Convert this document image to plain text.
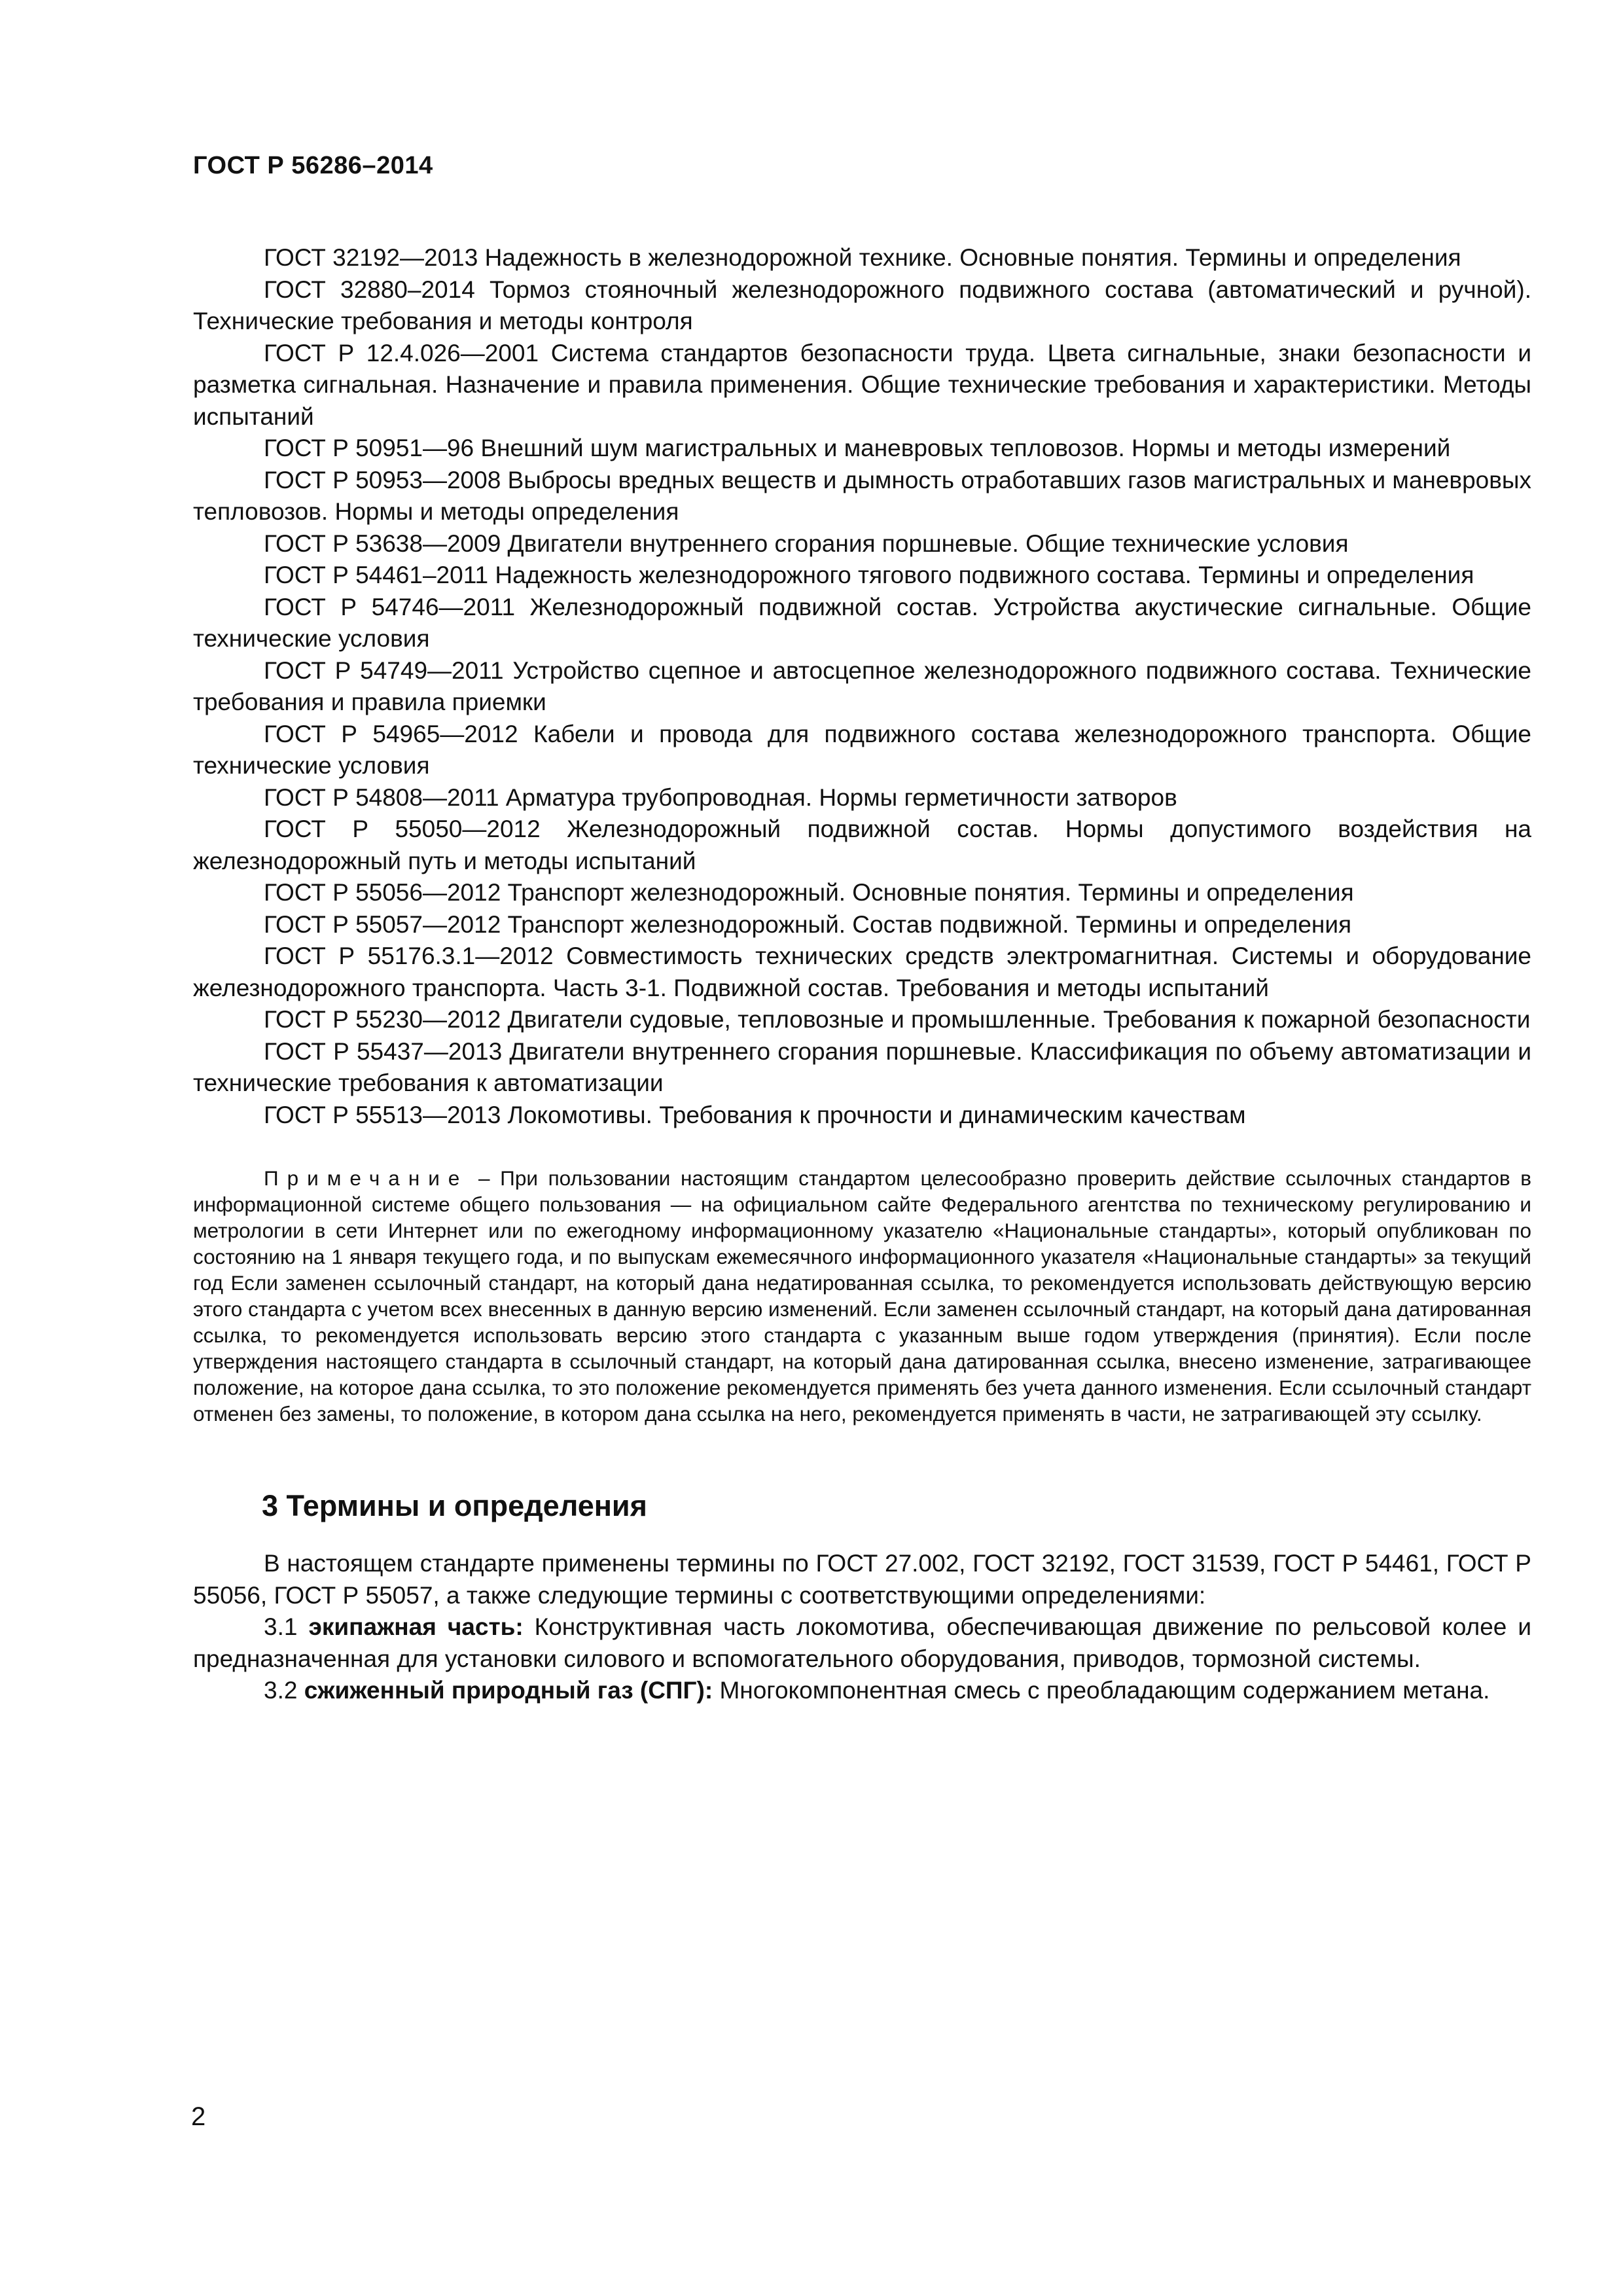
ГОСТ Р 56286–2014

ГОСТ 32192—2013 Надежность в железнодорожной технике. Основные понятия. Термины и определения

ГОСТ 32880–2014 Тормоз стояночный железнодорожного подвижного состава (автоматический и ручной). Технические требования и методы контроля

ГОСТ Р 12.4.026—2001 Система стандартов безопасности труда. Цвета сигнальные, знаки безопасности и разметка сигнальная. Назначение и правила применения. Общие технические требования и характеристики. Методы испытаний

ГОСТ Р 50951—96 Внешний шум магистральных и маневровых тепловозов. Нормы и методы измерений

ГОСТ Р 50953—2008 Выбросы вредных веществ и дымность отработавших газов магистральных и маневровых тепловозов. Нормы и методы определения

ГОСТ Р 53638—2009 Двигатели внутреннего сгорания поршневые. Общие технические условия

ГОСТ Р 54461–2011 Надежность железнодорожного тягового подвижного состава. Термины и определения

ГОСТ Р 54746—2011 Железнодорожный подвижной состав. Устройства акустические сигнальные. Общие технические условия

ГОСТ Р 54749—2011 Устройство сцепное и автосцепное железнодорожного подвижного состава. Технические требования и правила приемки

ГОСТ Р 54965—2012 Кабели и провода для подвижного состава железнодорожного транспорта. Общие технические условия

ГОСТ Р 54808—2011 Арматура трубопроводная. Нормы герметичности затворов

ГОСТ Р 55050—2012 Железнодорожный подвижной состав. Нормы допустимого воздействия на железнодорожный путь и методы испытаний

ГОСТ Р 55056—2012 Транспорт железнодорожный. Основные понятия. Термины и определения

ГОСТ Р 55057—2012 Транспорт железнодорожный. Состав подвижной. Термины и определения

ГОСТ Р 55176.3.1—2012 Совместимость технических средств электромагнитная. Системы и оборудование железнодорожного транспорта. Часть 3-1. Подвижной состав. Требования и методы испытаний

ГОСТ Р 55230—2012 Двигатели судовые, тепловозные и промышленные. Требования к пожарной безопасности

ГОСТ Р 55437—2013 Двигатели внутреннего сгорания поршневые. Классификация по объему автоматизации и технические требования к автоматизации

ГОСТ Р 55513—2013 Локомотивы. Требования к прочности и динамическим качествам

Примечание – При пользовании настоящим стандартом целесообразно проверить действие ссылочных стандартов в информационной системе общего пользования — на официальном сайте Федерального агентства по техническому регулированию и метрологии в сети Интернет или по ежегодному информационному указателю «Национальные стандарты», который опубликован по состоянию на 1 января текущего года, и по выпускам ежемесячного информационного указателя «Национальные стандарты» за текущий год Если заменен ссылочный стандарт, на который дана недатированная ссылка, то рекомендуется использовать действующую версию этого стандарта с учетом всех внесенных в данную версию изменений. Если заменен ссылочный стандарт, на который дана датированная ссылка, то рекомендуется использовать версию этого стандарта с указанным выше годом утверждения (принятия). Если после утверждения настоящего стандарта в ссылочный стандарт, на который дана датированная ссылка, внесено изменение, затрагивающее положение, на которое дана ссылка, то это положение рекомендуется применять без учета данного изменения. Если ссылочный стандарт отменен без замены, то положение, в котором дана ссылка на него, рекомендуется применять в части, не затрагивающей эту ссылку.
3 Термины и определения

В настоящем стандарте применены термины по ГОСТ 27.002, ГОСТ 32192, ГОСТ 31539, ГОСТ Р 54461, ГОСТ Р 55056, ГОСТ Р 55057, а также следующие термины с соответствующими определениями:

3.1 экипажная часть: Конструктивная часть локомотива, обеспечивающая движение по рельсовой колее и предназначенная для установки силового и вспомогательного оборудования, приводов, тормозной системы.

3.2 сжиженный природный газ (СПГ): Многокомпонентная смесь с преобладающим содержанием метана.

2
